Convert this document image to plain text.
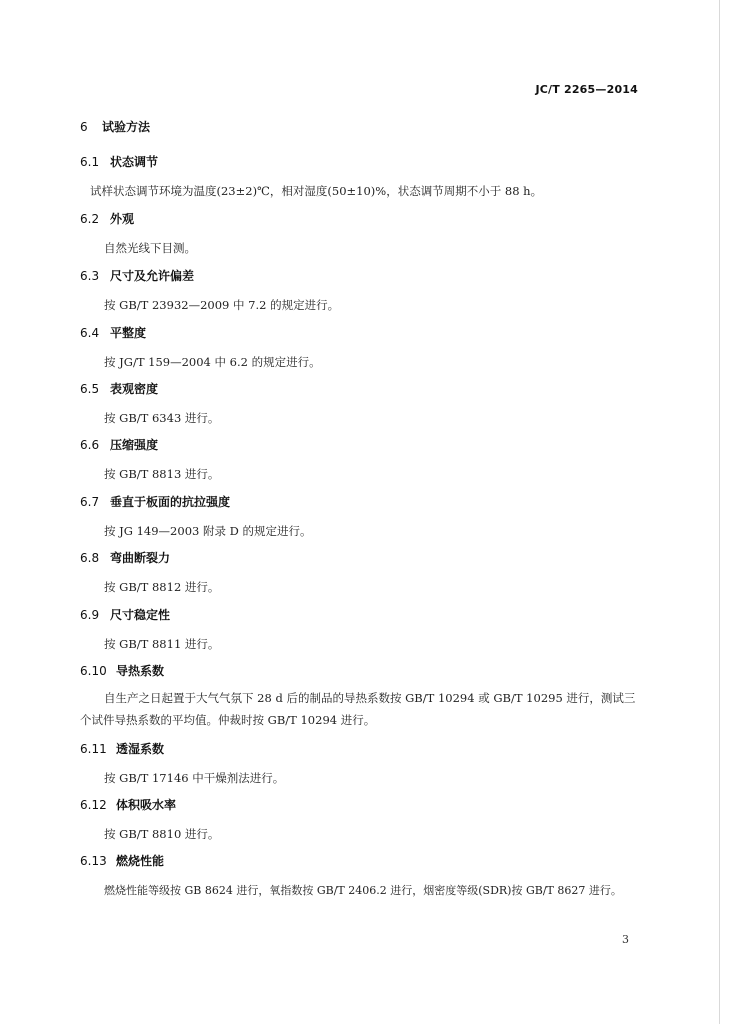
JC/T 2265—2014
6 试验方法
6.1 状态调节
试样状态调节环境为温度(23±2)℃，相对湿度(50±10)%，状态调节周期不小于 88 h。
6.2 外观
自然光线下目测。
6.3 尺寸及允许偏差
按 GB/T 23932—2009 中 7.2 的规定进行。
6.4 平整度
按 JG/T 159—2004 中 6.2 的规定进行。
6.5 表观密度
按 GB/T 6343 进行。
6.6 压缩强度
按 GB/T 8813 进行。
6.7 垂直于板面的抗拉强度
按 JG 149—2003 附录 D 的规定进行。
6.8 弯曲断裂力
按 GB/T 8812 进行。
6.9 尺寸稳定性
按 GB/T 8811 进行。
6.10 导热系数
自生产之日起置于大气气氛下 28 d 后的制品的导热系数按 GB/T 10294 或 GB/T 10295 进行，测试三个试件导热系数的平均值。仲裁时按 GB/T 10294 进行。
6.11 透湿系数
按 GB/T 17146 中干燥剂法进行。
6.12 体积吸水率
按 GB/T 8810 进行。
6.13 燃烧性能
燃烧性能等级按 GB 8624 进行，氧指数按 GB/T 2406.2 进行，烟密度等级(SDR)按 GB/T 8627 进行。
3
